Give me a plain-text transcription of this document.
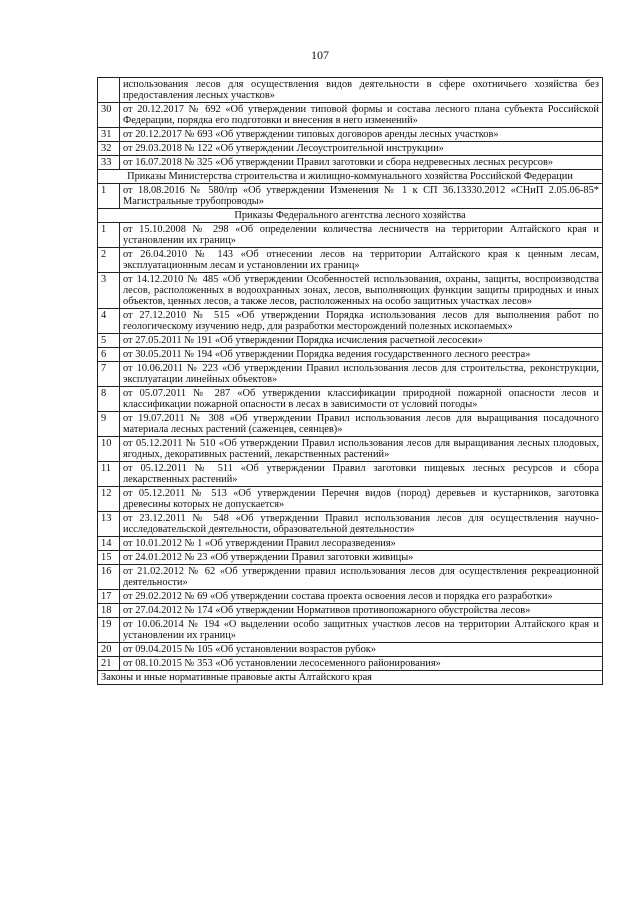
107
	использования лесов для осуществления видов деятельности в сфере охотничьего хозяйства без предоставления лесных участков»
30	от 20.12.2017 № 692 «Об утверждении типовой формы и состава лесного плана субъекта Российской Федерации, порядка его подготовки и внесения в него изменений»
31	от 20.12.2017 № 693 «Об утверждении типовых договоров аренды лесных участков»
32	от 29.03.2018 № 122 «Об утверждении Лесоустроительной инструкции»
33	от 16.07.2018 № 325 «Об утверждении Правил заготовки и сбора недревесных лесных ресурсов»
Приказы Министерства строительства и жилищно-коммунального хозяйства Российской Федерации	
1	от 18.08.2016 № 580/пр «Об утверждении Изменения № 1 к СП 36.13330.2012 «СНиП 2.05.06-85* Магистральные трубопроводы»
Приказы Федерального агентства лесного хозяйства	
1	от 15.10.2008 № 298 «Об определении количества лесничеств на территории Алтайского края и установлении их границ»
2	от 26.04.2010 № 143 «Об отнесении лесов на территории Алтайского края к ценным лесам, эксплуатационным лесам и установлении их границ»
3	от 14.12.2010 № 485 «Об утверждении Особенностей использования, охраны, защиты, воспроизводства лесов, расположенных в водоохранных зонах, лесов, выполняющих функции защиты природных и иных объектов, ценных лесов, а также лесов, расположенных на особо защитных участках лесов»
4	от 27.12.2010 № 515 «Об утверждении Порядка использования лесов для выполнения работ по геологическому изучению недр, для разработки месторождений полезных ископаемых»
5	от 27.05.2011 № 191 «Об утверждении Порядка исчисления расчетной лесосеки»
6	от 30.05.2011 № 194 «Об утверждении Порядка ведения государственного лесного реестра»
7	от 10.06.2011 № 223 «Об утверждении Правил использования лесов для строительства, реконструкции, эксплуатации линейных объектов»
8	от 05.07.2011 № 287 «Об утверждении классификации природной пожарной опасности лесов и классификации пожарной опасности в лесах в зависимости от условий погоды»
9	от 19.07.2011 № 308 «Об утверждении Правил использования лесов для выращивания посадочного материала лесных растений (саженцев, сеянцев)»
10	от 05.12.2011 № 510 «Об утверждении Правил использования лесов для выращивания лесных плодовых, ягодных, декоративных растений, лекарственных растений»
11	от 05.12.2011 № 511 «Об утверждении Правил заготовки пищевых лесных ресурсов и сбора лекарственных растений»
12	от 05.12.2011 № 513 «Об утверждении Перечня видов (пород) деревьев и кустарников, заготовка древесины которых не допускается»
13	от 23.12.2011 № 548 «Об утверждении Правил использования лесов для осуществления научно-исследовательской деятельности, образовательной деятельности»
14	от 10.01.2012 № 1 «Об утверждении Правил лесоразведения»
15	от 24.01.2012 № 23 «Об утверждении Правил заготовки живицы»
16	от 21.02.2012 № 62 «Об утверждении правил использования лесов для осуществления рекреационной деятельности»
17	от 29.02.2012 № 69 «Об утверждении состава проекта освоения лесов и порядка его разработки»
18	от 27.04.2012 № 174 «Об утверждении Нормативов противопожарного обустройства лесов»
19	от 10.06.2014 № 194 «О выделении особо защитных участков лесов на территории Алтайского края и установлении их границ»
20	от 09.04.2015 № 105 «Об установлении возрастов рубок»
21	от 08.10.2015 № 353 «Об установлении лесосеменного районирования»
Законы и иные нормативные правовые акты Алтайского края	
